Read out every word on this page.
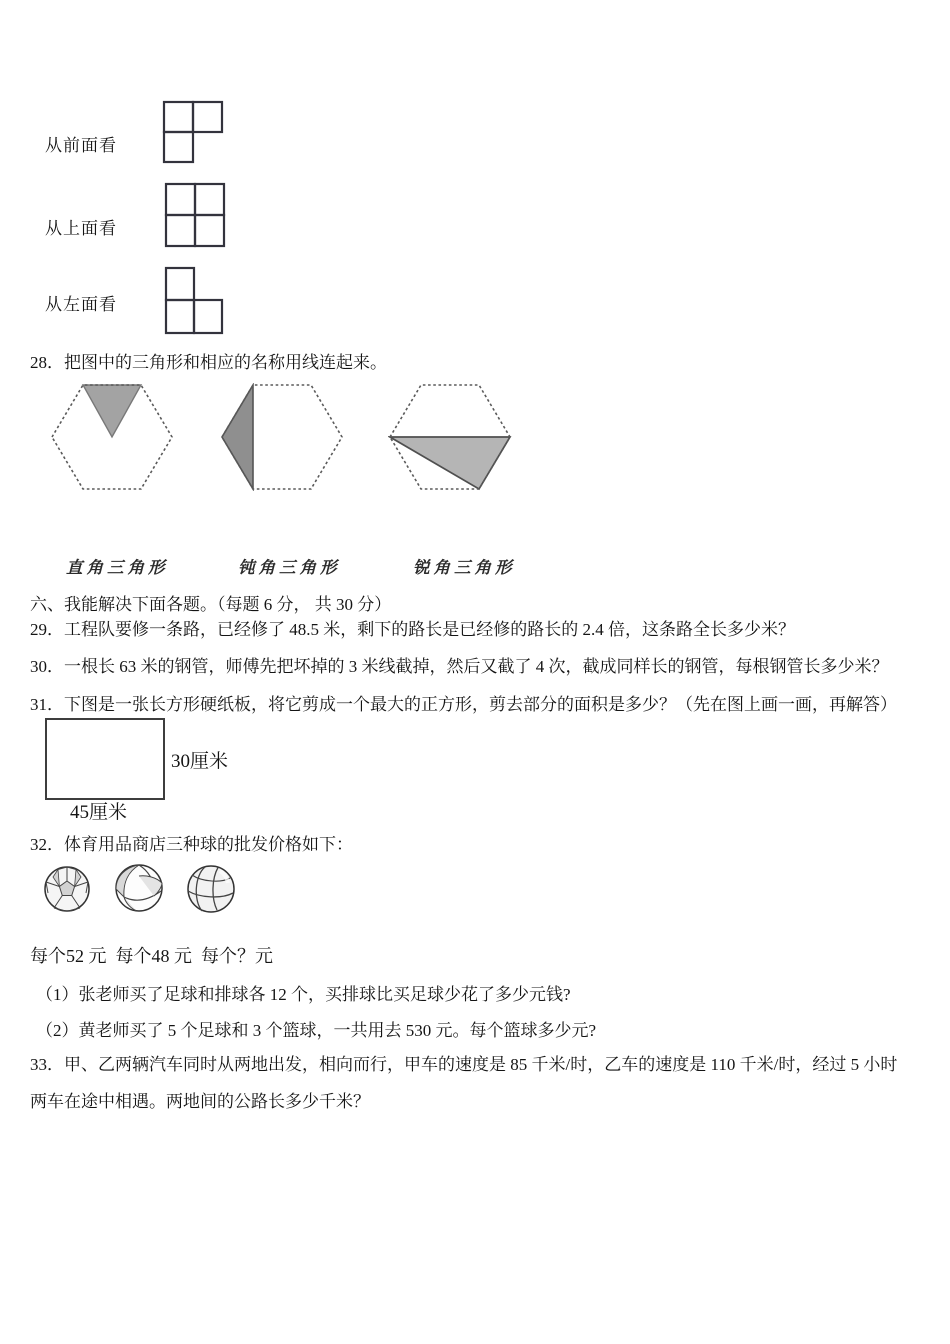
从前面看
从上面看
从左面看
28．把图中的三角形和相应的名称用线连起来。
直角三角形	钝角三角形	锐角三角形
六、我能解决下面各题。（每题 6 分， 共 30 分）
29．工程队要修一条路，已经修了 48.5 米，剩下的路长是已经修的路长的 2.4 倍，这条路全长多少米？
30．一根长 63 米的钢管，师傅先把坏掉的 3 米线截掉，然后又截了 4 次，截成同样长的钢管，每根钢管长多少米？
31．下图是一张长方形硬纸板，将它剪成一个最大的正方形，剪去部分的面积是多少？（先在图上画一画，再解答）
30厘米
45厘米
32．体育用品商店三种球的批发价格如下：
每个52 元  每个48 元  每个？元
（1）张老师买了足球和排球各 12 个，买排球比买足球少花了多少元钱?
（2）黄老师买了 5 个足球和 3 个篮球，一共用去 530 元。每个篮球多少元?
33．甲、乙两辆汽车同时从两地出发，相向而行，甲车的速度是 85 千米/时，乙车的速度是 110 千米/时，经过 5 小时
两车在途中相遇。两地间的公路长多少千米？
